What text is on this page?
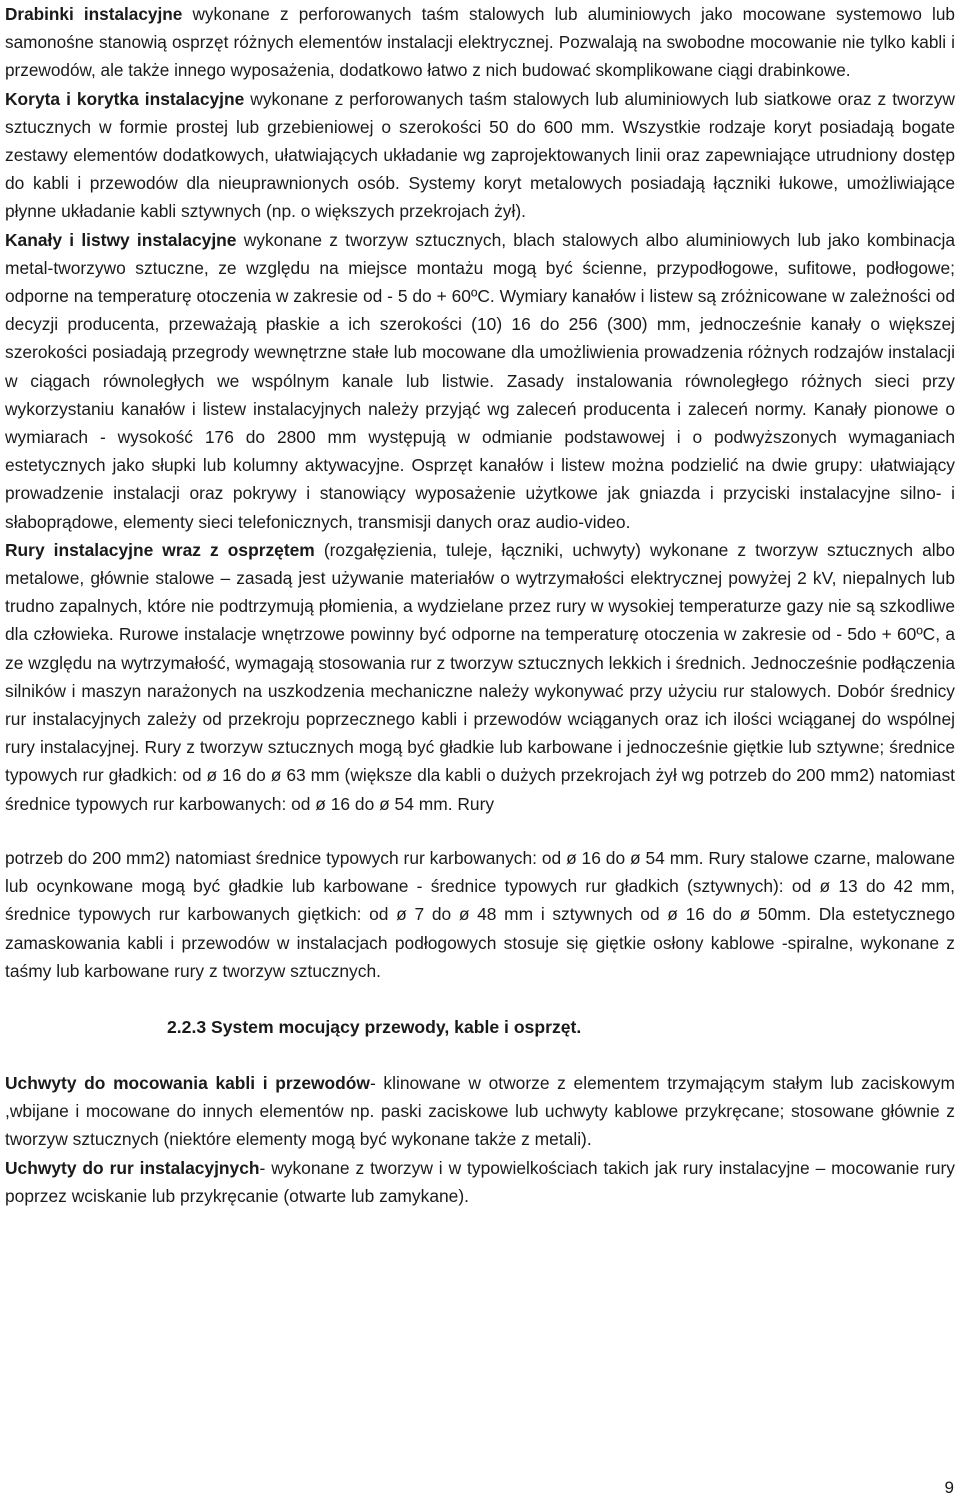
Drabinki instalacyjne wykonane z perforowanych taśm stalowych lub aluminiowych jako mocowane systemowo lub samonośne stanowią osprzęt różnych elementów instalacji elektrycznej. Pozwalają na swobodne mocowanie nie tylko kabli i przewodów, ale także innego wyposażenia, dodatkowo łatwo z nich budować skomplikowane ciągi drabinkowe.

Koryta i korytka instalacyjne wykonane z perforowanych taśm stalowych lub aluminiowych lub siatkowe oraz z tworzyw sztucznych w formie prostej lub grzebieniowej o szerokości 50 do 600 mm. Wszystkie rodzaje koryt posiadają bogate zestawy elementów dodatkowych, ułatwiających układanie wg zaprojektowanych linii oraz zapewniające utrudniony dostęp do kabli i przewodów dla nieuprawnionych osób. Systemy koryt metalowych posiadają łączniki łukowe, umożliwiające płynne układanie kabli sztywnych (np. o większych przekrojach żył).

Kanały i listwy instalacyjne wykonane z tworzyw sztucznych, blach stalowych albo aluminiowych lub jako kombinacja metal-tworzywo sztuczne, ze względu na miejsce montażu mogą być ścienne, przypodłogowe, sufitowe, podłogowe; odporne na temperaturę otoczenia w zakresie od - 5 do + 60ºC. Wymiary kanałów i listew są zróżnicowane w zależności od decyzji producenta, przeważają płaskie a ich szerokości (10) 16 do 256 (300) mm, jednocześnie kanały o większej szerokości posiadają przegrody wewnętrzne stałe lub mocowane dla umożliwienia prowadzenia różnych rodzajów instalacji w ciągach równoległych we wspólnym kanale lub listwie. Zasady instalowania równoległego różnych sieci przy wykorzystaniu kanałów i listew instalacyjnych należy przyjąć wg zaleceń producenta i zaleceń normy. Kanały pionowe o wymiarach - wysokość 176 do 2800 mm występują w odmianie podstawowej i o podwyższonych wymaganiach estetycznych jako słupki lub kolumny aktywacyjne. Osprzęt kanałów i listew można podzielić na dwie grupy: ułatwiający prowadzenie instalacji oraz pokrywy i stanowiący wyposażenie użytkowe jak gniazda i przyciski instalacyjne silno- i słaboprądowe, elementy sieci telefonicznych, transmisji danych oraz audio-video.

Rury instalacyjne wraz z osprzętem (rozgałęzienia, tuleje, łączniki, uchwyty) wykonane z tworzyw sztucznych albo metalowe, głównie stalowe – zasadą jest używanie materiałów o wytrzymałości elektrycznej powyżej 2 kV, niepalnych lub trudno zapalnych, które nie podtrzymują płomienia, a wydzielane przez rury w wysokiej temperaturze gazy nie są szkodliwe dla człowieka. Rurowe instalacje wnętrzowe powinny być odporne na temperaturę otoczenia w zakresie od - 5do + 60ºC, a ze względu na wytrzymałość, wymagają stosowania rur z tworzyw sztucznych lekkich i średnich. Jednocześnie podłączenia silników i maszyn narażonych na uszkodzenia mechaniczne należy wykonywać przy użyciu rur stalowych. Dobór średnicy rur instalacyjnych zależy od przekroju poprzecznego kabli i przewodów wciąganych oraz ich ilości wciąganej do wspólnej rury instalacyjnej. Rury z tworzyw sztucznych mogą być gładkie lub karbowane i jednocześnie giętkie lub sztywne; średnice typowych rur gładkich: od ø 16 do ø 63 mm (większe dla kabli o dużych przekrojach żył wg potrzeb do 200 mm2) natomiast średnice typowych rur karbowanych: od ø 16 do ø 54 mm. Rury

potrzeb do 200 mm2) natomiast średnice typowych rur karbowanych: od ø 16 do ø 54 mm. Rury stalowe czarne, malowane lub ocynkowane mogą być gładkie lub karbowane - średnice typowych rur gładkich (sztywnych): od ø 13 do 42 mm, średnice typowych rur karbowanych giętkich: od ø 7 do ø 48 mm i sztywnych od ø 16 do ø 50mm. Dla estetycznego zamaskowania kabli i przewodów w instalacjach podłogowych stosuje się giętkie osłony kablowe -spiralne, wykonane z taśmy lub karbowane rury z tworzyw sztucznych.

2.2.3 System mocujący przewody, kable i osprzęt.

Uchwyty do mocowania kabli i przewodów- klinowane w otworze z elementem trzymającym stałym lub zaciskowym ,wbijane i mocowane do innych elementów np. paski zaciskowe lub uchwyty kablowe przykręcane; stosowane głównie z tworzyw sztucznych (niektóre elementy mogą być wykonane także z metali).

Uchwyty do rur instalacyjnych- wykonane z tworzyw i w typowielkościach takich jak rury instalacyjne – mocowanie rury poprzez wciskanie lub przykręcanie (otwarte lub zamykane).

9
